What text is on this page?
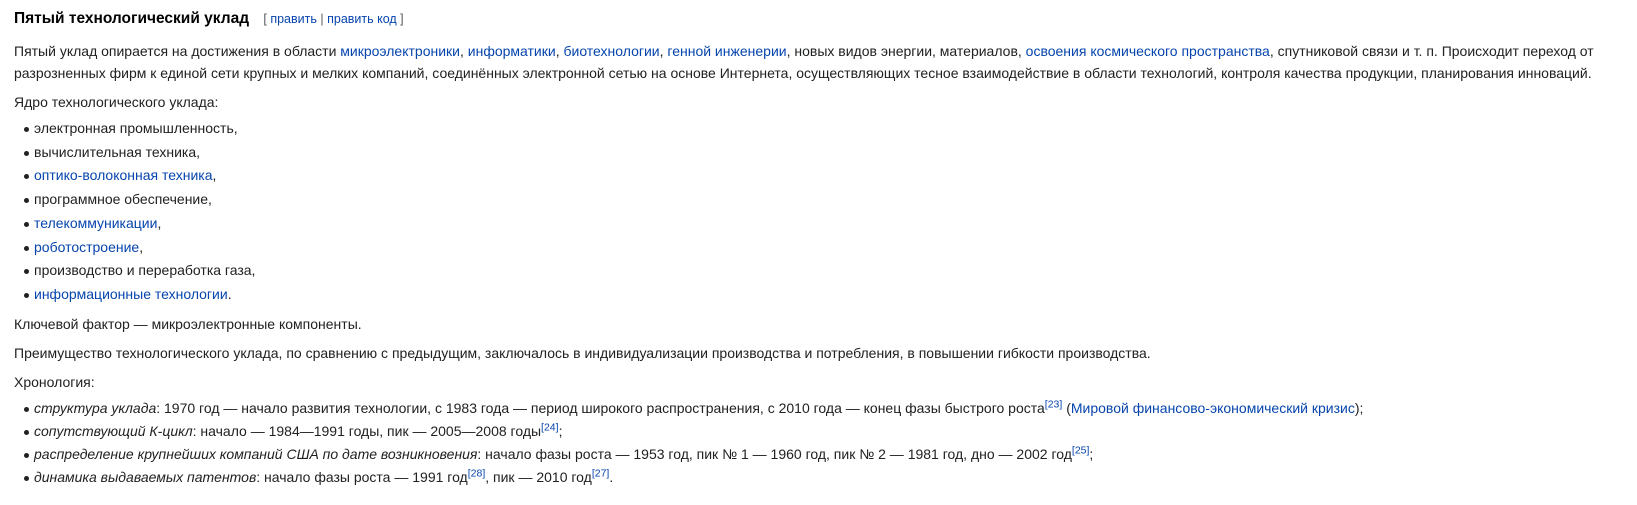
Пятый технологический уклад [ править | править код ]

Пятый уклад опирается на достижения в области микроэлектроники, информатики, биотехнологии, генной инженерии, новых видов энергии, материалов, освоения космического пространства, спутниковой связи и т. п. Происходит переход от разрозненных фирм к единой сети крупных и мелких компаний, соединённых электронной сетью на основе Интернета, осуществляющих тесное взаимодействие в области технологий, контроля качества продукции, планирования инноваций.

Ядро технологического уклада:

электронная промышленность,
вычислительная техника,
оптико-волоконная техника,
программное обеспечение,
телекоммуникации,
роботостроение,
производство и переработка газа,
информационные технологии.

Ключевой фактор — микроэлектронные компоненты.

Преимущество технологического уклада, по сравнению с предыдущим, заключалось в индивидуализации производства и потребления, в повышении гибкости производства.

Хронология:

структура уклада: 1970 год — начало развития технологии, с 1983 года — период широкого распространения, с 2010 года — конец фазы быстрого роста[23] (Мировой финансово-экономический кризис);
сопутствующий К-цикл: начало — 1984—1991 годы, пик — 2005—2008 годы[24];
распределение крупнейших компаний США по дате возникновения: начало фазы роста — 1953 год, пик № 1 — 1960 год, пик № 2 — 1981 год, дно — 2002 год[25];
динамика выдаваемых патентов: начало фазы роста — 1991 год[28], пик — 2010 год[27].
